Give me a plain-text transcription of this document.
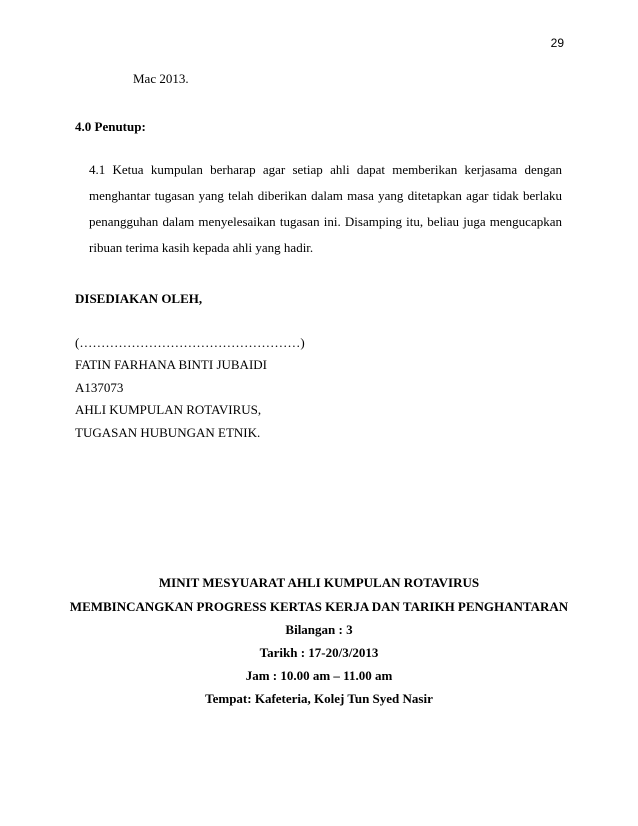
29
Mac 2013.
4.0 Penutup:
4.1 Ketua kumpulan berharap agar setiap ahli dapat memberikan kerjasama dengan menghantar tugasan yang telah diberikan dalam masa yang ditetapkan agar tidak berlaku penangguhan dalam menyelesaikan tugasan ini. Disamping itu, beliau juga mengucapkan ribuan terima kasih kepada ahli yang hadir.
DISEDIAKAN OLEH,
(……………………………………………)
FATIN FARHANA BINTI JUBAIDI
A137073
AHLI KUMPULAN ROTAVIRUS,
TUGASAN HUBUNGAN ETNIK.
MINIT MESYUARAT AHLI KUMPULAN ROTAVIRUS
MEMBINCANGKAN PROGRESS KERTAS KERJA DAN TARIKH PENGHANTARAN
Bilangan : 3
Tarikh : 17-20/3/2013
Jam : 10.00 am – 11.00 am
Tempat: Kafeteria, Kolej Tun Syed Nasir
